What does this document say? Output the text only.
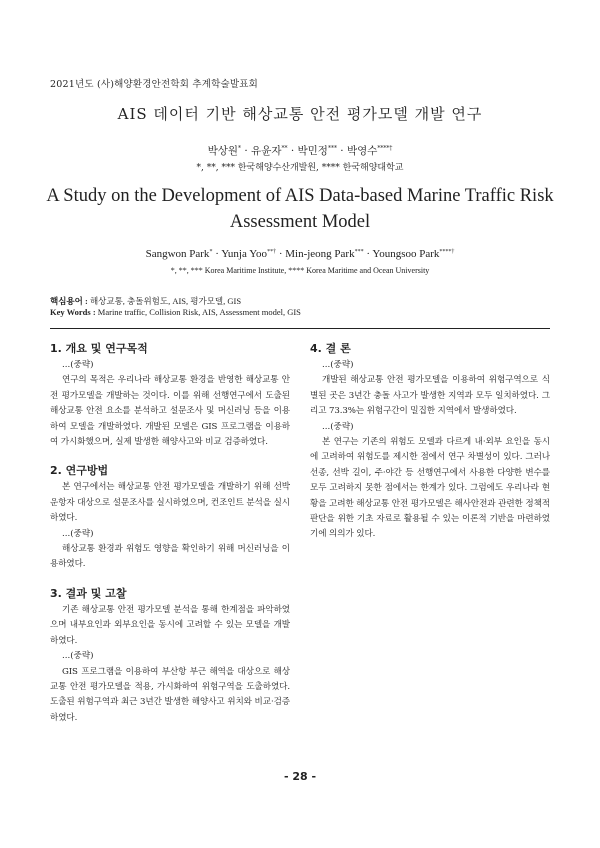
2021년도 (사)해양환경안전학회 추계학술발표회
AIS 데이터 기반 해상교통 안전 평가모델 개발 연구
박상원* · 유윤자** · 박민정*** · 박영수****†
*, **, *** 한국해양수산개발원, **** 한국해양대학교
A Study on the Development of AIS Data-based Marine Traffic Risk Assessment Model
Sangwon Park* · Yunja Yoo**† · Min-jeong Park*** · Youngsoo Park****†
*, **, *** Korea Maritime Institute, **** Korea Maritime and Ocean University
핵심용어 : 해상교통, 충돌위험도, AIS, 평가모델, GIS
Key Words : Marine traffic, Collision Risk, AIS, Assessment model, GIS
1. 개요 및 연구목적
...(중략)
연구의 목적은 우리나라 해상교통 환경을 반영한 해상교통 안전 평가모델을 개발하는 것이다. 이를 위해 선행연구에서 도출된 해상교통 안전 요소를 분석하고 설문조사 및 머신러닝 등을 이용하여 모델을 개발하였다. 개발된 모델은 GIS 프로그램을 이용하여 가시화했으며, 실제 발생한 해양사고와 비교 검증하였다.
2. 연구방법
본 연구에서는 해상교통 안전 평가모델을 개발하기 위해 선박운항자 대상으로 설문조사를 실시하였으며, 컨조인트 분석을 실시하였다.
...(중략)
해상교통 환경과 위험도 영향을 확인하기 위해 머신러닝을 이용하였다.
3. 결과 및 고찰
기존 해상교통 안전 평가모델 분석을 통해 한계점을 파악하였으며 내부요인과 외부요인을 동시에 고려할 수 있는 모델을 개발하였다.
...(중략)
GIS 프로그램을 이용하여 부산항 부근 해역을 대상으로 해상교통 안전 평가모델을 적용, 가시화하여 위험구역을 도출하였다. 도출된 위험구역과 최근 3년간 발생한 해양사고 위치와 비교·검증하였다.
4. 결 론
...(중략)
개발된 해상교통 안전 평가모델을 이용하여 위험구역으로 식별된 곳은 3년간 충돌 사고가 발생한 지역과 모두 일치하였다. 그리고 73.3%는 위험구간이 밀집한 지역에서 발생하였다.
...(중략)
본 연구는 기존의 위험도 모델과 다르게 내·외부 요인을 동시에 고려하여 위험도를 제시한 점에서 연구 차별성이 있다. 그러나 선종, 선박 길이, 주·야간 등 선행연구에서 사용한 다양한 변수를 모두 고려하지 못한 점에서는 한계가 있다. 그럼에도 우리나라 현황을 고려한 해상교통 안전 평가모델은 해사안전과 관련한 정책적 판단을 위한 기초 자료로 활용될 수 있는 이론적 기반을 마련하였기에 의의가 있다.
- 28 -
